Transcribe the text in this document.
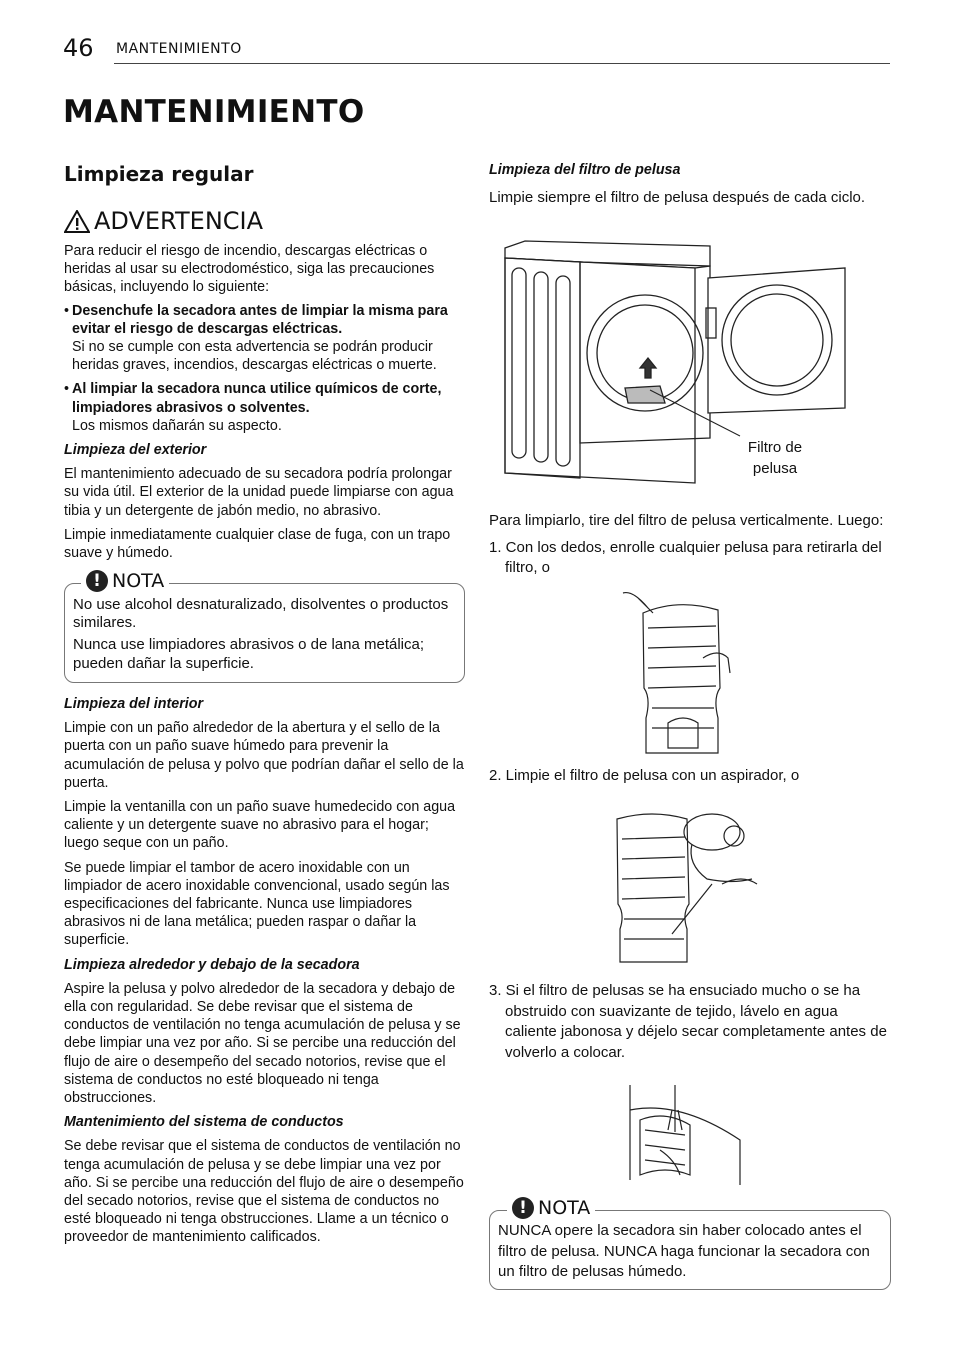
46 MANTENIMIENTO
MANTENIMIENTO
Limpieza regular
ADVERTENCIA

Para reducir el riesgo de incendio, descargas eléctricas o heridas al usar su electrodoméstico, siga las precauciones básicas, incluyendo lo siguiente:

• Desenchufe la secadora antes de limpiar la misma para evitar el riesgo de descargas eléctricas.
Si no se cumple con esta advertencia se podrán producir heridas graves, incendios, descargas eléctricas o muerte.
• Al limpiar la secadora nunca utilice químicos de corte, limpiadores abrasivos o solventes.
Los mismos dañarán su aspecto.

Limpieza del exterior

El mantenimiento adecuado de su secadora podría prolongar su vida útil. El exterior de la unidad puede limpiarse con agua tibia y un detergente de jabón medio, no abrasivo.

Limpie inmediatamente cualquier clase de fuga, con un trapo suave y húmedo.

No use alcohol desnaturalizado, disolventes o productos similares.

Nunca use limpiadores abrasivos o de lana metálica; pueden dañar la superficie.

! NOTA

Limpieza del interior

Limpie con un paño alrededor de la abertura y el sello de la puerta con un paño suave húmedo para prevenir la acumulación de pelusa y polvo que podrían dañar el sello de la puerta.

Limpie la ventanilla con un paño suave humedecido con agua caliente y un detergente suave no abrasivo para el hogar; luego seque con un paño.

Se puede limpiar el tambor de acero inoxidable con un limpiador de acero inoxidable convencional, usado según las especificaciones del fabricante. Nunca use limpiadores abrasivos ni de lana metálica; pueden raspar o dañar la superficie.

Limpieza alrededor y debajo de la secadora

Aspire la pelusa y polvo alrededor de la secadora y debajo de ella con regularidad. Se debe revisar que el sistema de conductos de ventilación no tenga acumulación de pelusa y se debe limpiar una vez por año. Si se percibe una reducción del flujo de aire o desempeño del secado notorios, revise que el sistema de conductos no esté bloqueado ni tenga obstrucciones.

Mantenimiento del sistema de conductos

Se debe revisar que el sistema de conductos de ventilación no tenga acumulación de pelusa y se debe limpiar una vez por año. Si se percibe una reducción del flujo de aire o desempeño del secado notorios, revise que el sistema de conductos no esté bloqueado ni tenga obstrucciones. Llame a un técnico o proveedor de mantenimiento calificados.

Limpieza del filtro de pelusa

Limpie siempre el filtro de pelusa después de cada ciclo.

Filtro de
pelusa

Para limpiarlo, tire del filtro de pelusa verticalmente. Luego:

1. Con los dedos, enrolle cualquier pelusa para retirarla del filtro, o

2. Limpie el filtro de pelusa con un aspirador, o

3. Si el filtro de pelusas se ha ensuciado mucho o se ha obstruido con suavizante de tejido, lávelo en agua caliente jabonosa y déjelo secar completamente antes de volverlo a colocar.

NUNCA opere la secadora sin haber colocado antes el filtro de pelusa. NUNCA haga funcionar la secadora con un filtro de pelusas húmedo.

! NOTA
